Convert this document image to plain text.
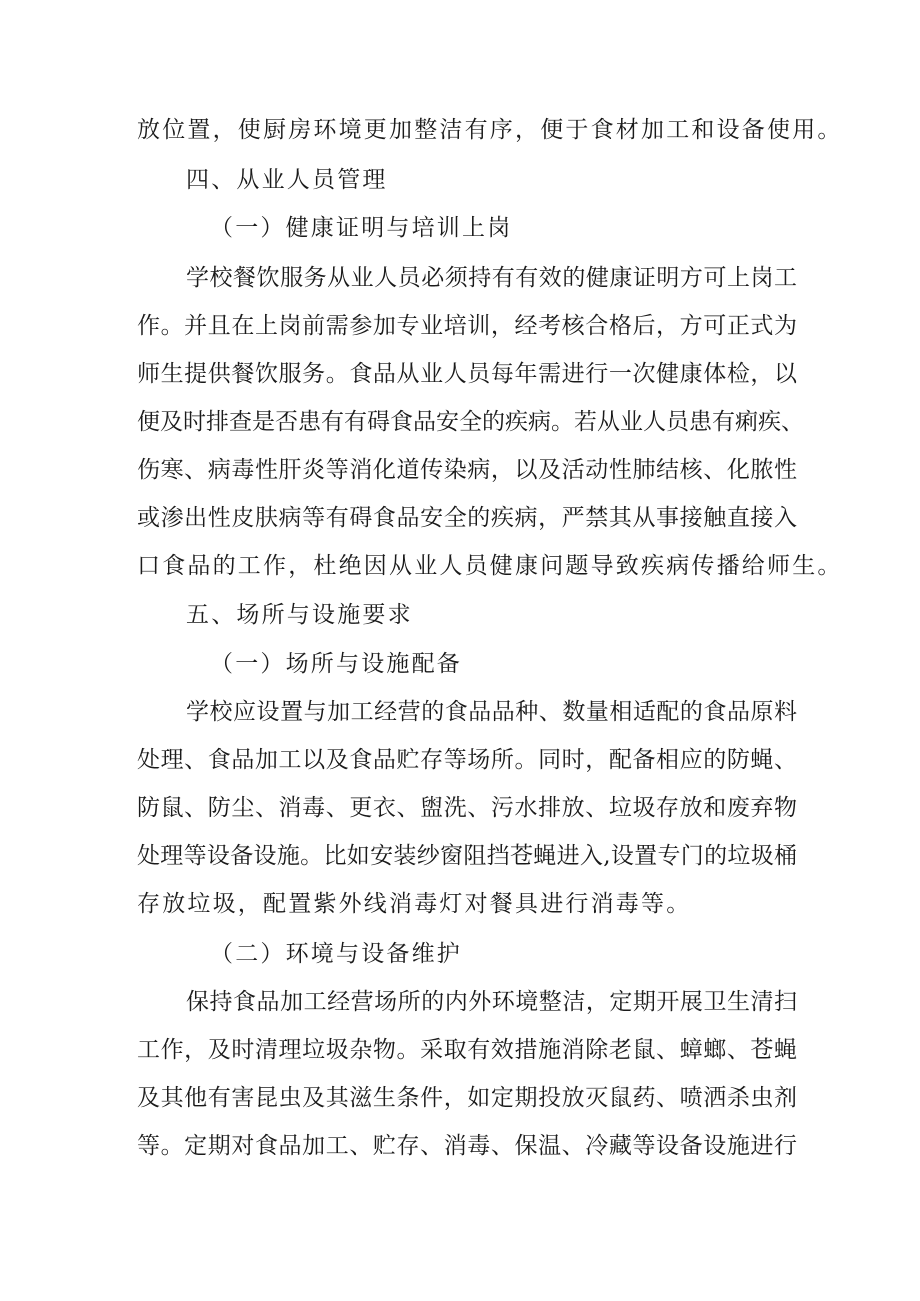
放位置，使厨房环境更加整洁有序，便于食材加工和设备使用。
四、从业人员管理
（一）健康证明与培训上岗
学校餐饮服务从业人员必须持有有效的健康证明方可上岗工
作。并且在上岗前需参加专业培训，经考核合格后，方可正式为
师生提供餐饮服务。食品从业人员每年需进行一次健康体检，以
便及时排查是否患有有碍食品安全的疾病。若从业人员患有痢疾、
伤寒、病毒性肝炎等消化道传染病，以及活动性肺结核、化脓性
或渗出性皮肤病等有碍食品安全的疾病，严禁其从事接触直接入
口食品的工作，杜绝因从业人员健康问题导致疾病传播给师生。
五、场所与设施要求
（一）场所与设施配备
学校应设置与加工经营的食品品种、数量相适配的食品原料
处理、食品加工以及食品贮存等场所。同时，配备相应的防蝇、
防鼠、防尘、消毒、更衣、盥洗、污水排放、垃圾存放和废弃物
处理等设备设施。比如安装纱窗阻挡苍蝇进入,设置专门的垃圾桶
存放垃圾，配置紫外线消毒灯对餐具进行消毒等。
（二）环境与设备维护
保持食品加工经营场所的内外环境整洁，定期开展卫生清扫
工作，及时清理垃圾杂物。采取有效措施消除老鼠、蟑螂、苍蝇
及其他有害昆虫及其滋生条件，如定期投放灭鼠药、喷洒杀虫剂
等。定期对食品加工、贮存、消毒、保温、冷藏等设备设施进行
